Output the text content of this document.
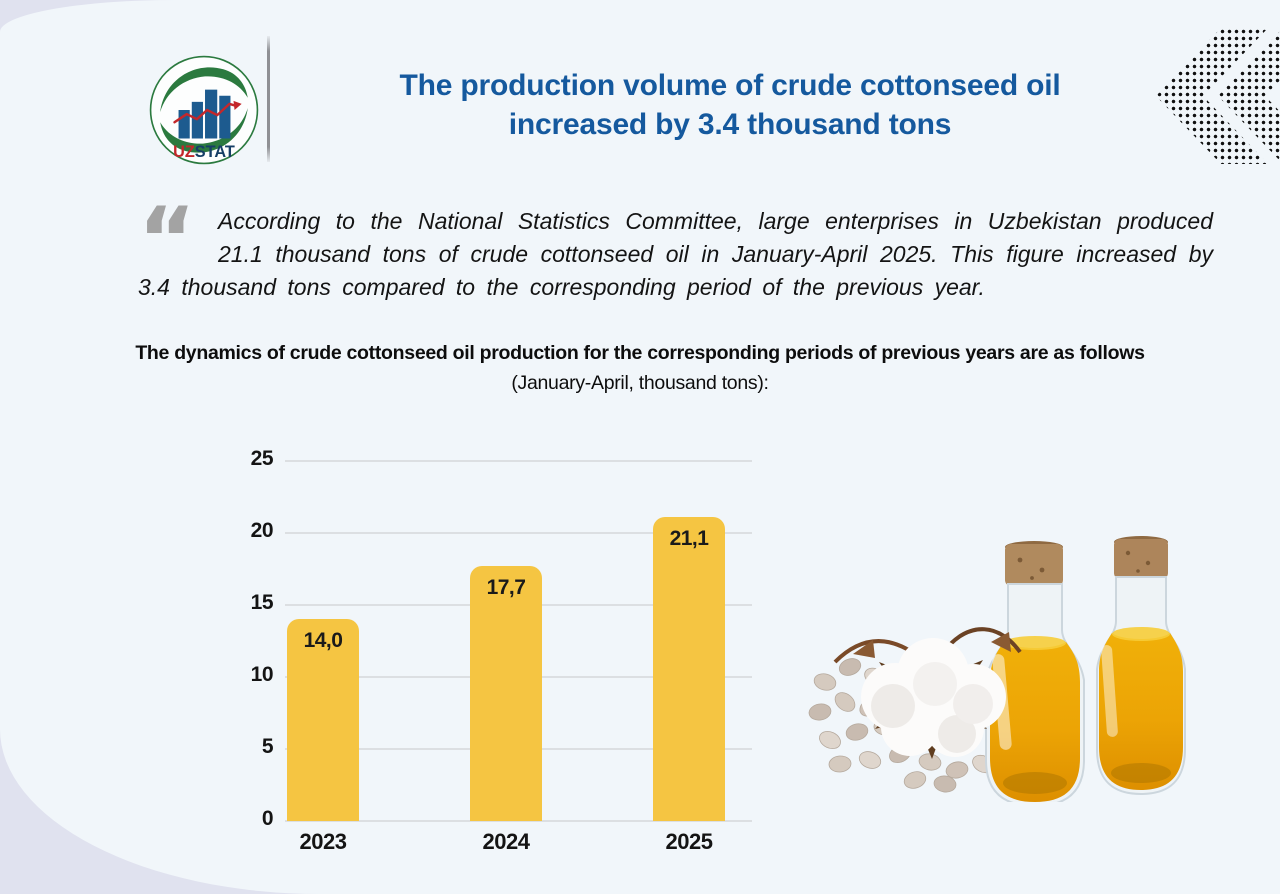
UZSTAT
The production volume of crude cottonseed oil
increased by 3.4 thousand tons

“ According to the National Statistics Committee, large enterprises in Uzbekistan produced 21.1 thousand tons of crude cottonseed oil in January-April 2025. This figure increased by 3.4 thousand tons compared to the corresponding period of the previous year.

The dynamics of crude cottonseed oil production for the corresponding periods of previous years are as follows (January-April, thousand tons):
0
5
10
15
20
25
14,0
2023
17,7
2024
21,1
2025
